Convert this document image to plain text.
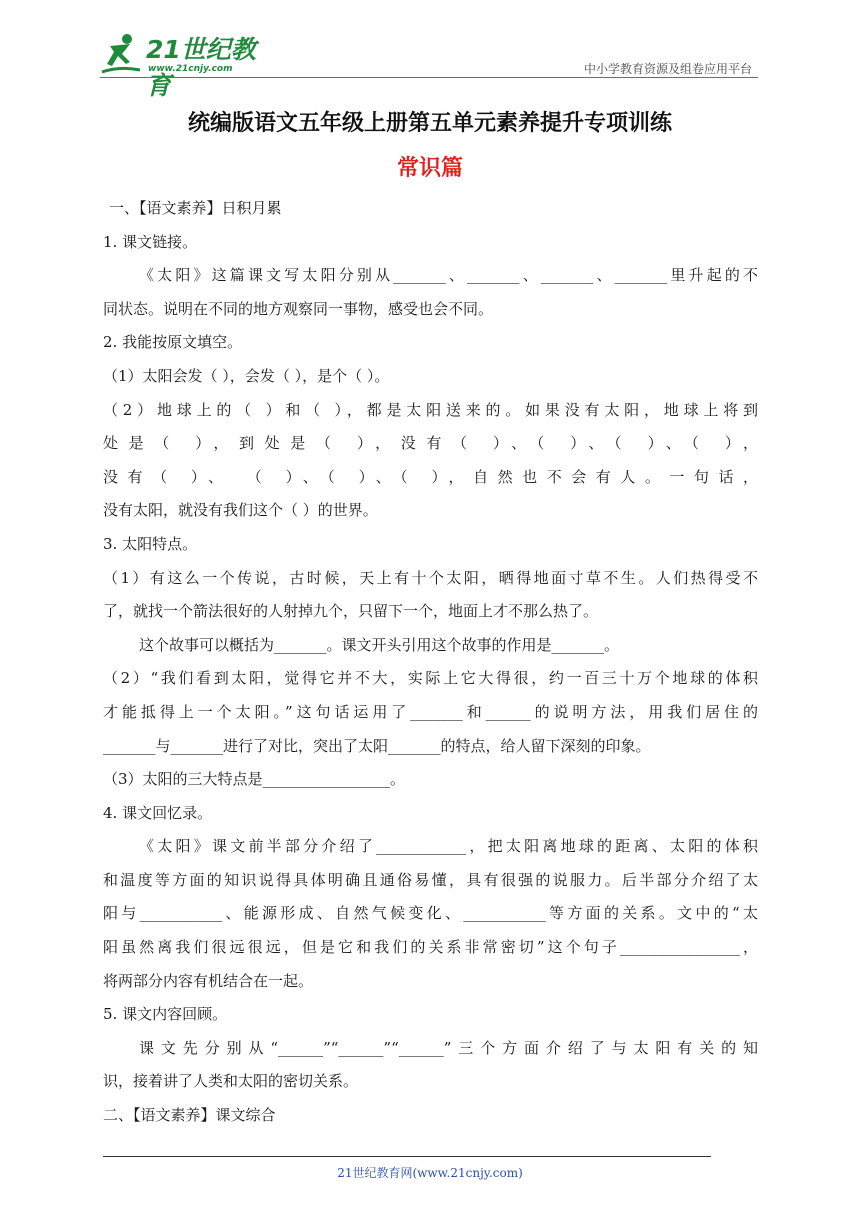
21世纪教育
www.21cnjy.com	中小学教育资源及组卷应用平台
统编版语文五年级上册第五单元素养提升专项训练
常识篇
一、【语文素养】日积月累
1. 课文链接。
《太阳》这篇课文写太阳分别从_______、_______、_______、_______里升起的不
同状态。说明在不同的地方观察同一事物，感受也会不同。
2. 我能按原文填空。
（1）太阳会发（ ），会发（ ），是个（ ）。
（2）地球上的（ ）和（ ），都是太阳送来的。如果没有太阳，地球上将到
处是（ ），到处是（ ），没有（ ）、（ ）、（ ）、（ ），
没有（ ）、 （ ）、（ ）、（ ），自然也不会有人。一句话，
没有太阳，就没有我们这个（ ）的世界。
3. 太阳特点。
（1）有这么一个传说，古时候，天上有十个太阳，晒得地面寸草不生。人们热得受不
了，就找一个箭法很好的人射掉九个，只留下一个，地面上才不那么热了。
这个故事可以概括为_______。课文开头引用这个故事的作用是_______。
（2）“我们看到太阳，觉得它并不大，实际上它大得很，约一百三十万个地球的体积
才能抵得上一个太阳。”这句话运用了_______和______的说明方法，用我们居住的
_______与_______进行了对比，突出了太阳_______的特点，给人留下深刻的印象。
（3）太阳的三大特点是_________________。
4. 课文回忆录。
《太阳》课文前半部分介绍了____________，把太阳离地球的距离、太阳的体积
和温度等方面的知识说得具体明确且通俗易懂，具有很强的说服力。后半部分介绍了太
阳与___________、能源形成、自然气候变化、___________等方面的关系。文中的“太
阳虽然离我们很远很远，但是它和我们的关系非常密切”这个句子________________，
将两部分内容有机结合在一起。
5. 课文内容回顾。
课文先分别从“______”“______”“______”三个方面介绍了与太阳有关的知
识，接着讲了人类和太阳的密切关系。
二、【语文素养】课文综合
21世纪教育网(www.21cnjy.com)
